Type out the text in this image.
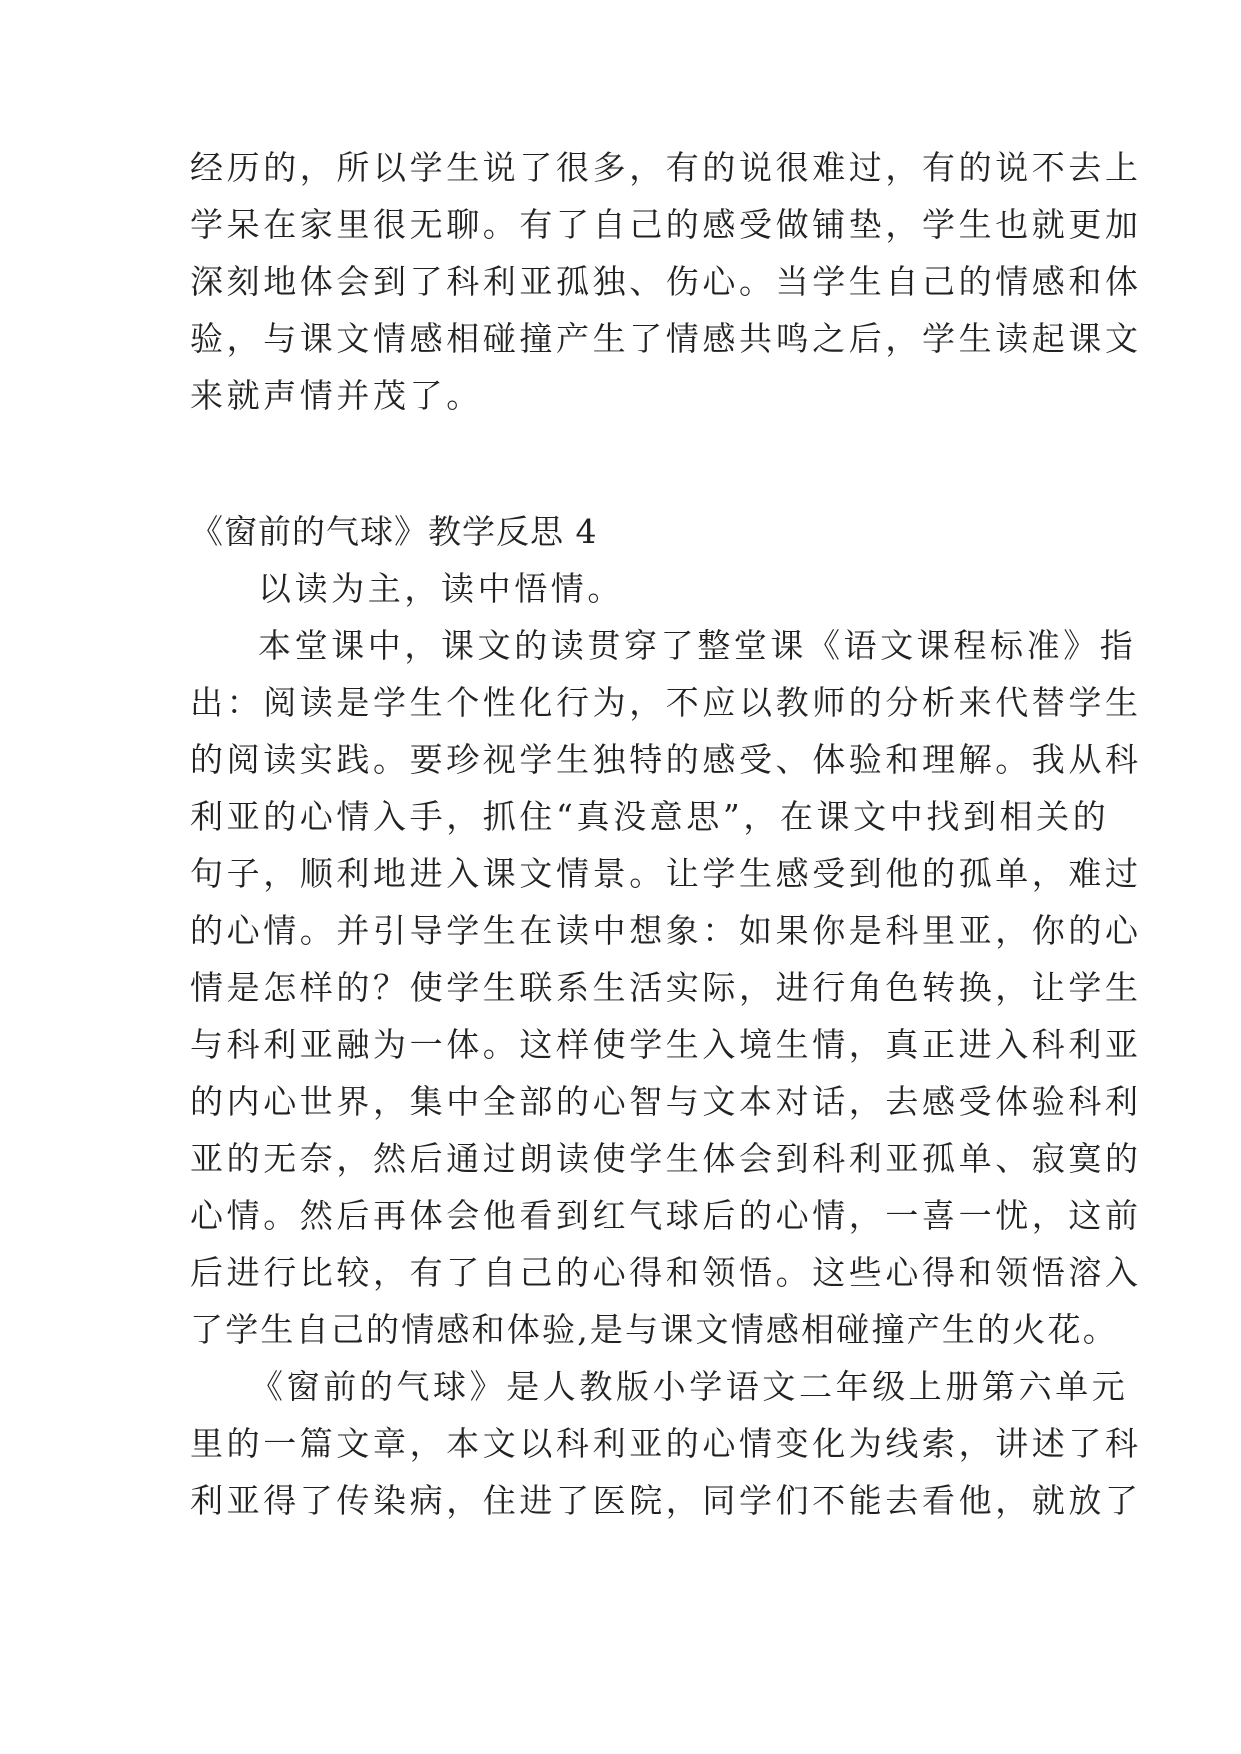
经历的，所以学生说了很多，有的说很难过，有的说不去上
学呆在家里很无聊。有了自己的感受做铺垫，学生也就更加
深刻地体会到了科利亚孤独、伤心。当学生自己的情感和体
验，与课文情感相碰撞产生了情感共鸣之后，学生读起课文
来就声情并茂了。
《窗前的气球》教学反思 4
以读为主，读中悟情。
本堂课中，课文的读贯穿了整堂课《语文课程标准》指
出：阅读是学生个性化行为，不应以教师的分析来代替学生
的阅读实践。要珍视学生独特的感受、体验和理解。我从科
利亚的心情入手，抓住“真没意思”，在课文中找到相关的
句子，顺利地进入课文情景。让学生感受到他的孤单，难过
的心情。并引导学生在读中想象：如果你是科里亚，你的心
情是怎样的？使学生联系生活实际，进行角色转换，让学生
与科利亚融为一体。这样使学生入境生情，真正进入科利亚
的内心世界，集中全部的心智与文本对话，去感受体验科利
亚的无奈，然后通过朗读使学生体会到科利亚孤单、寂寞的
心情。然后再体会他看到红气球后的心情，一喜一忧，这前
后进行比较，有了自己的心得和领悟。这些心得和领悟溶入
了学生自己的情感和体验,是与课文情感相碰撞产生的火花。
《窗前的气球》是人教版小学语文二年级上册第六单元
里的一篇文章，本文以科利亚的心情变化为线索，讲述了科
利亚得了传染病，住进了医院，同学们不能去看他，就放了
